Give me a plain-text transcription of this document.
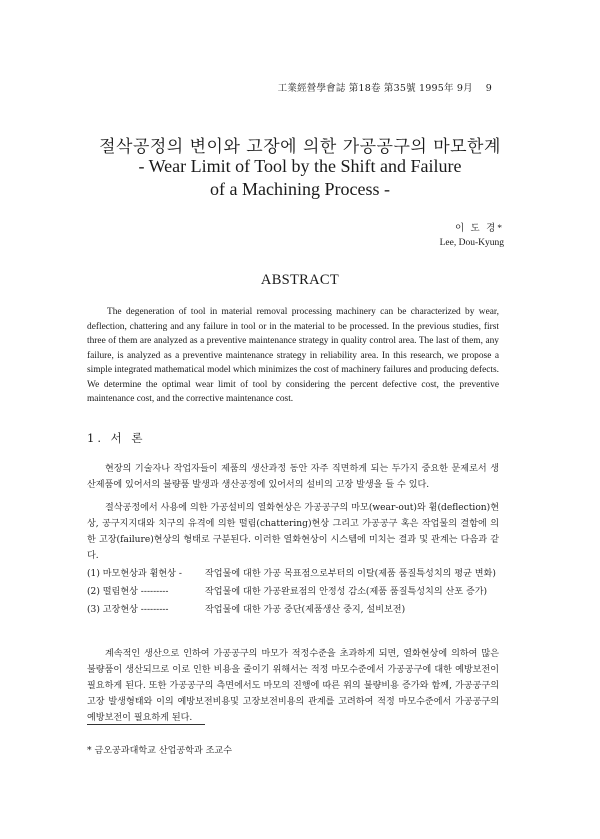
工業經營學會誌 第18卷 第35號 1995年 9月 9
절삭공정의 변이와 고장에 의한 가공공구의 마모한계
- Wear Limit of Tool by the Shift and Failure
of a Machining Process -
이 도 경*
Lee, Dou-Kyung
ABSTRACT

The degeneration of tool in material removal processing machinery can be characterized by wear, deflection, chattering and any failure in tool or in the material to be processed. In the previous studies, first three of them are analyzed as a preventive maintenance strategy in quality control area. The last of them, any failure, is analyzed as a preventive maintenance strategy in reliability area. In this research, we propose a simple integrated mathematical model which minimizes the cost of machinery failures and producing defects. We determine the optimal wear limit of tool by considering the percent defective cost, the preventive maintenance cost, and the corrective maintenance cost.

1. 서 론

현장의 기술자나 작업자들이 제품의 생산과정 동안 자주 직면하게 되는 두가지 중요한 문제로서 생산제품에 있어서의 불량품 발생과 생산공정에 있어서의 설비의 고장 발생을 들 수 있다.

절삭공정에서 사용에 의한 가공설비의 열화현상은 가공공구의 마모(wear-out)와 휨(deflection)현상, 공구지지대와 치구의 유격에 의한 떨림(chattering)현상 그리고 가공공구 혹은 작업물의 결함에 의한 고장(failure)현상의 형태로 구분된다. 이러한 열화현상이 시스템에 미치는 결과 및 관계는 다음과 같다.

(1) 마모현상과 휨현상 -	작업물에 대한 가공 목표점으로부터의 이탈(제품 품질특성치의 평균 변화)
(2) 떨림현상 ---------	작업물에 대한 가공완료점의 안정성 감소(제품 품질특성치의 산포 증가)
(3) 고장현상 ---------	작업물에 대한 가공 중단(제품생산 중지, 설비보전)

계속적인 생산으로 인하여 가공공구의 마모가 적정수준을 초과하게 되면, 열화현상에 의하여 많은 불량품이 생산되므로 이로 인한 비용을 줄이기 위해서는 적정 마모수준에서 가공공구에 대한 예방보전이 필요하게 된다. 또한 가공공구의 측면에서도 마모의 진행에 따른 위의 불량비용 증가와 함께, 가공공구의 고장 발생형태와 이의 예방보전비용및 고장보전비용의 관계를 고려하여 적정 마모수준에서 가공공구의 예방보전이 필요하게 된다.

* 금오공과대학교 산업공학과 조교수
